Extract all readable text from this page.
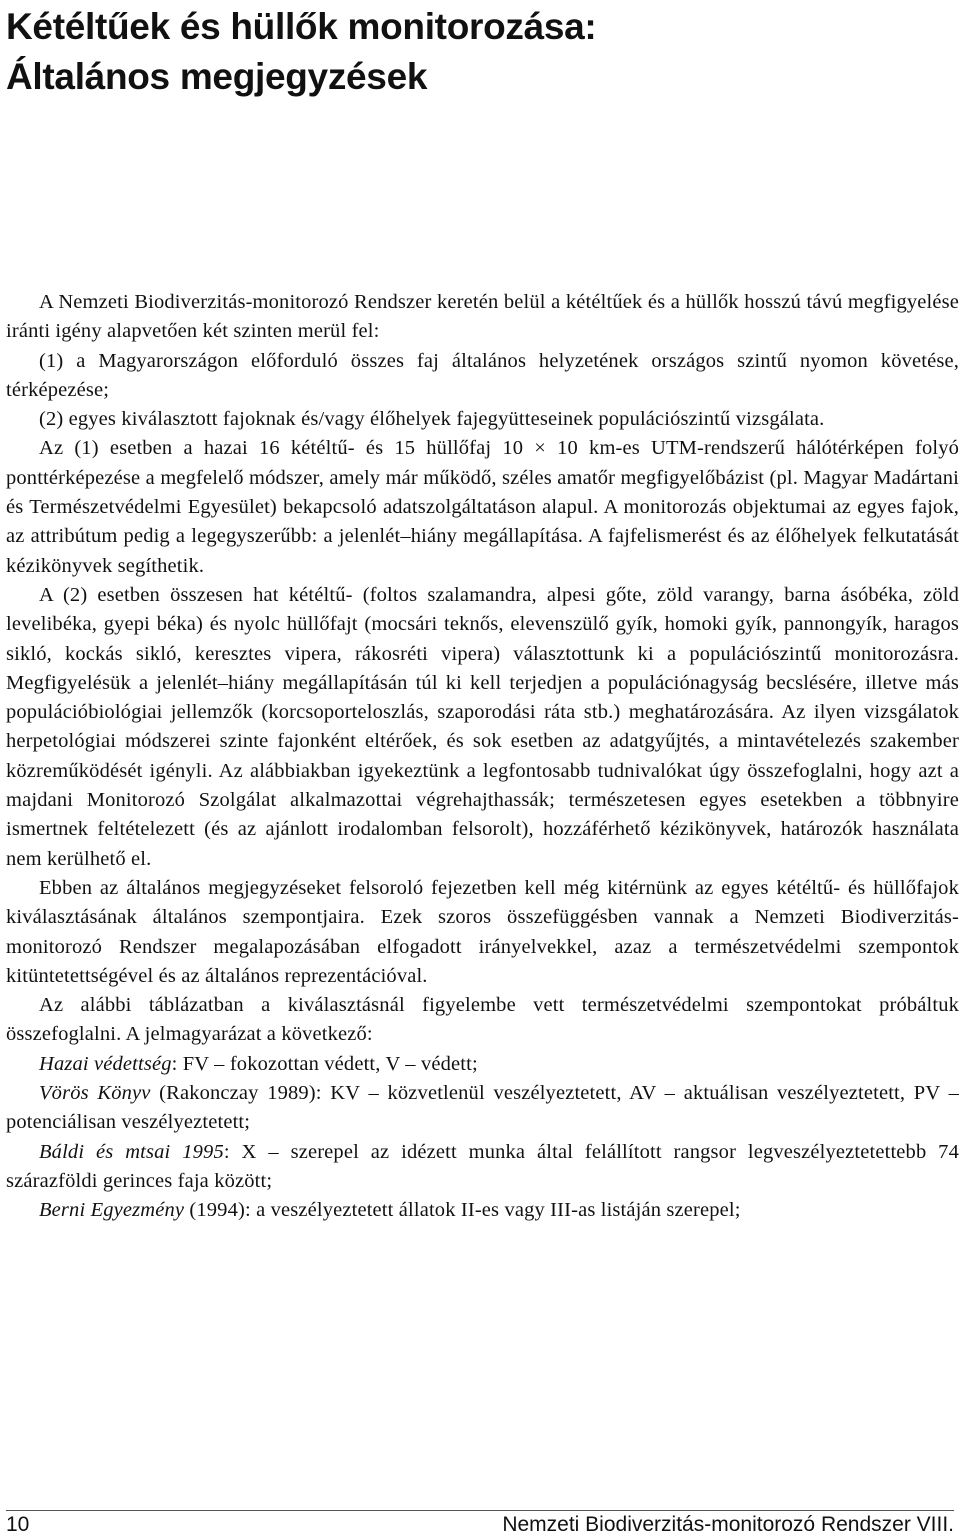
Kétéltűek és hüllők monitorozása:
Általános megjegyzések

A Nemzeti Biodiverzitás-monitorozó Rendszer keretén belül a kétéltűek és a hüllők hosszú távú megfigyelése iránti igény alapvetően két szinten merül fel:

(1) a Magyarországon előforduló összes faj általános helyzetének országos szintű nyomon követése, térképezése;

(2) egyes kiválasztott fajoknak és/vagy élőhelyek fajegyütteseinek populációszintű vizsgálata.

Az (1) esetben a hazai 16 kétéltű- és 15 hüllőfaj 10 × 10 km-es UTM-rendszerű hálótérképen folyó ponttérképezése a megfelelő módszer, amely már működő, széles amatőr megfigyelőbázist (pl. Magyar Madártani és Természetvédelmi Egyesület) bekapcsoló adatszolgáltatáson alapul. A monitorozás objektumai az egyes fajok, az attribútum pedig a legegyszerűbb: a jelenlét–hiány megállapítása. A fajfelismerést és az élőhelyek felkutatását kézikönyvek segíthetik.

A (2) esetben összesen hat kétéltű- (foltos szalamandra, alpesi gőte, zöld varangy, barna ásóbéka, zöld levelibéka, gyepi béka) és nyolc hüllőfajt (mocsári teknős, elevenszülő gyík, homoki gyík, pannongyík, haragos sikló, kockás sikló, keresztes vipera, rákosréti vipera) választottunk ki a populációszintű monitorozásra. Megfigyelésük a jelenlét–hiány megállapításán túl ki kell terjedjen a populációnagyság becslésére, illetve más populációbiológiai jellemzők (korcsoporteloszlás, szaporodási ráta stb.) meghatározására. Az ilyen vizsgálatok herpetológiai módszerei szinte fajonként eltérőek, és sok esetben az adatgyűjtés, a mintavételezés szakember közreműködését igényli. Az alábbiakban igyekeztünk a legfontosabb tudnivalókat úgy összefoglalni, hogy azt a majdani Monitorozó Szolgálat alkalmazottai végrehajthassák; természetesen egyes esetekben a többnyire ismertnek feltételezett (és az ajánlott irodalomban felsorolt), hozzáférhető kézikönyvek, határozók használata nem kerülhető el.

Ebben az általános megjegyzéseket felsoroló fejezetben kell még kitérnünk az egyes kétéltű- és hüllőfajok kiválasztásának általános szempontjaira. Ezek szoros összefüggésben vannak a Nemzeti Biodiverzitás-monitorozó Rendszer megalapozásában elfogadott irányelvekkel, azaz a természetvédelmi szempontok kitüntetettségével és az általános reprezentációval.

Az alábbi táblázatban a kiválasztásnál figyelembe vett természetvédelmi szempontokat próbáltuk összefoglalni. A jelmagyarázat a következő:

Hazai védettség: FV – fokozottan védett, V – védett;

Vörös Könyv (Rakonczay 1989): KV – közvetlenül veszélyeztetett, AV – aktuálisan veszélyeztetett, PV – potenciálisan veszélyeztetett;

Báldi és mtsai 1995: X – szerepel az idézett munka által felállított rangsor legveszélyeztetettebb 74 szárazföldi gerinces faja között;

Berni Egyezmény (1994): a veszélyeztetett állatok II-es vagy III-as listáján szerepel;

10	Nemzeti Biodiverzitás-monitorozó Rendszer VIII.
